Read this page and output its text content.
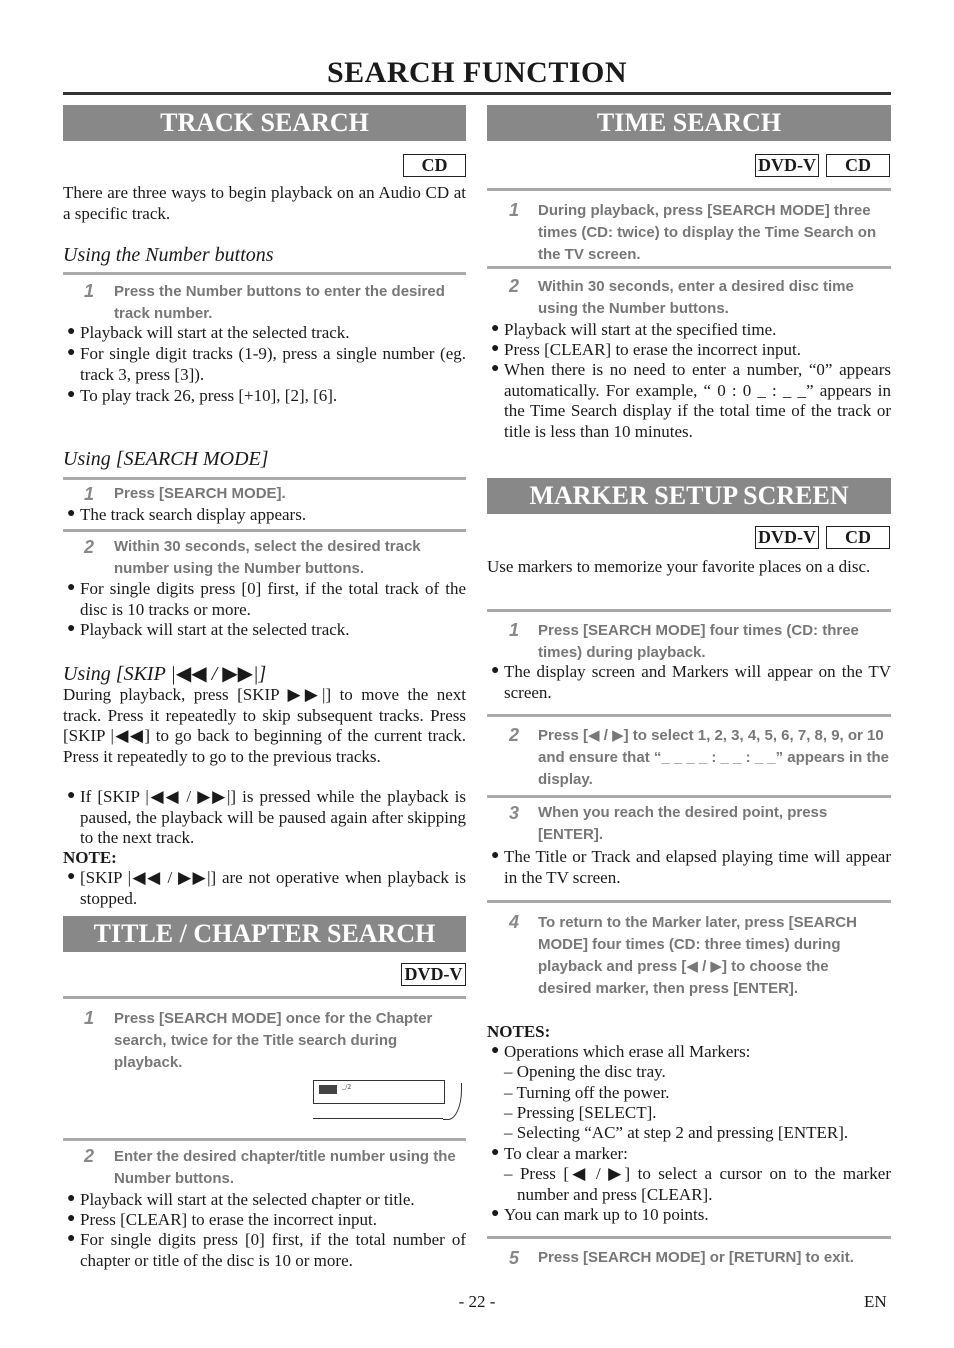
SEARCH FUNCTION
TRACK SEARCH
CD
There are three ways to begin playback on an Audio CD at a specific track.
Using the Number buttons
1 Press the Number buttons to enter the desired track number.
● Playback will start at the selected track.
● For single digit tracks (1-9), press a single number (eg. track 3, press [3]).
● To play track 26, press [+10], [2], [6].
Using [SEARCH MODE]
1 Press [SEARCH MODE].
● The track search display appears.
2 Within 30 seconds, select the desired track number using the Number buttons.
● For single digits press [0] first, if the total track of the disc is 10 tracks or more.
● Playback will start at the selected track.
Using [SKIP |◀◀ / ▶▶|]
During playback, press [SKIP ▶▶|] to move the next track. Press it repeatedly to skip subsequent tracks. Press [SKIP |◀◀] to go back to beginning of the current track. Press it repeatedly to go to the previous tracks.
● If [SKIP |◀◀ / ▶▶|] is pressed while the playback is paused, the playback will be paused again after skipping to the next track.
NOTE:
● [SKIP |◀◀ / ▶▶|] are not operative when playback is stopped.
TITLE / CHAPTER SEARCH
DVD-V
1 Press [SEARCH MODE] once for the Chapter search, twice for the Title search during playback.
_/2
2 Enter the desired chapter/title number using the Number buttons.
● Playback will start at the selected chapter or title.
● Press [CLEAR] to erase the incorrect input.
● For single digits press [0] first, if the total number of chapter or title of the disc is 10 or more.
TIME SEARCH
DVD-V	CD
1 During playback, press [SEARCH MODE] three times (CD: twice) to display the Time Search on the TV screen.
2 Within 30 seconds, enter a desired disc time using the Number buttons.
● Playback will start at the specified time.
● Press [CLEAR] to erase the incorrect input.
● When there is no need to enter a number, “0” appears automatically. For example, “ 0 : 0 _ : _ _” appears in the Time Search display if the total time of the track or title is less than 10 minutes.
MARKER SETUP SCREEN
DVD-V	CD
Use markers to memorize your favorite places on a disc.
1 Press [SEARCH MODE] four times (CD: three times) during playback.
● The display screen and Markers will appear on the TV screen.
2 Press [◀ / ▶] to select 1, 2, 3, 4, 5, 6, 7, 8, 9, or 10 and ensure that “_ _ _ _ : _ _ : _ _” appears in the display.
3 When you reach the desired point, press [ENTER].
● The Title or Track and elapsed playing time will appear in the TV screen.
4 To return to the Marker later, press [SEARCH MODE] four times (CD: three times) during playback and press [◀ / ▶] to choose the desired marker, then press [ENTER].
NOTES:
● Operations which erase all Markers:
– Opening the disc tray.
– Turning off the power.
– Pressing [SELECT].
– Selecting “AC” at step 2 and pressing [ENTER].
● To clear a marker:
– Press [◀ / ▶] to select a cursor on to the marker number and press [CLEAR].
● You can mark up to 10 points.
5 Press [SEARCH MODE] or [RETURN] to exit.
- 22 -	EN
